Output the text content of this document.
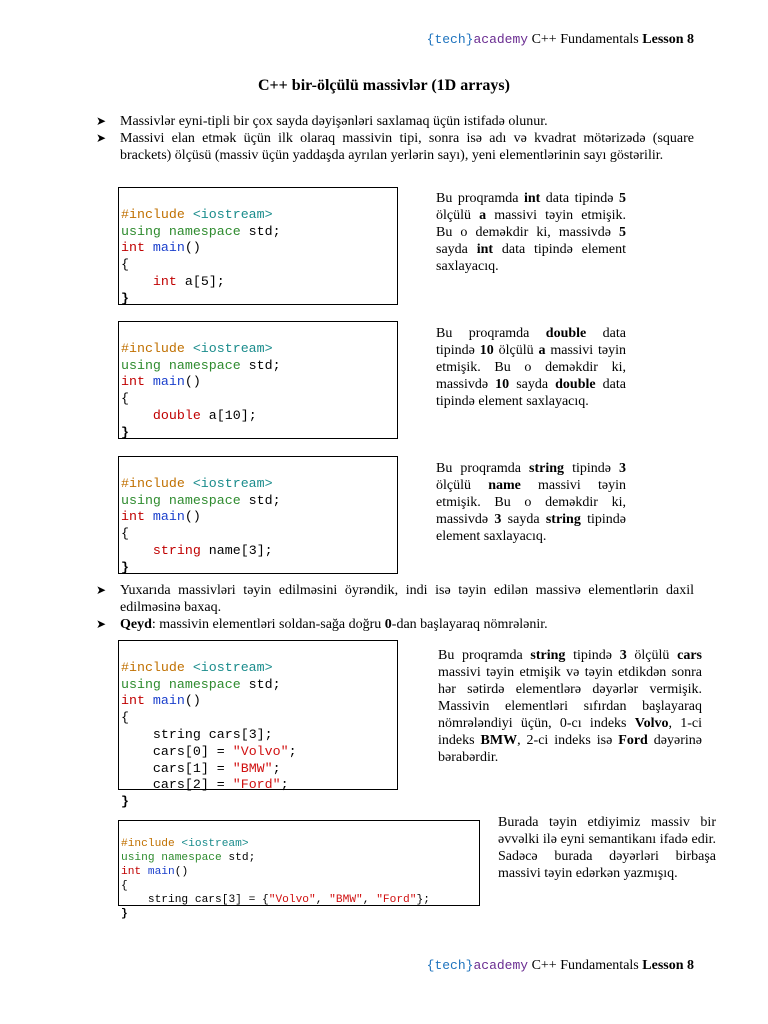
{tech}academy C++ Fundamentals Lesson 8
C++ bir-ölçülü massivlər (1D arrays)
➤ Massivlər eyni-tipli bir çox sayda dəyişənləri saxlamaq üçün istifadə olunur.
➤ Massivi elan etmək üçün ilk olaraq massivin tipi, sonra isə adı və kvadrat mötərizədə (square brackets) ölçüsü (massiv üçün yaddaşda ayrılan yerlərin sayı), yeni elementlərinin sayı göstərilir.

#include <iostream>
using namespace std;
int main()
{
int a[5];
}

Bu proqramda int data tipində 5 ölçülü a massivi təyin etmişik. Bu o deməkdir ki, massivdə 5 sayda int data tipində element saxlayacıq.

#include <iostream>
using namespace std;
int main()
{
double a[10];
}

Bu proqramda double data tipində 10 ölçülü a massivi təyin etmişik. Bu o deməkdir ki, massivdə 10 sayda double data tipində element saxlayacıq.

#include <iostream>
using namespace std;
int main()
{
string name[3];
}

Bu proqramda string tipində 3 ölçülü name massivi təyin etmişik. Bu o deməkdir ki, massivdə 3 sayda string tipində element saxlayacıq.
➤ Yuxarıda massivləri təyin edilməsini öyrəndik, indi isə təyin edilən massivə elementlərin daxil edilməsinə baxaq.
➤ Qeyd: massivin elementləri soldan-sağa doğru 0-dan başlayaraq nömrələnir.

#include <iostream>
using namespace std;
int main()
{
string cars[3];
cars[0] = "Volvo";
cars[1] = "BMW";
cars[2] = "Ford";
}

Bu proqramda string tipində 3 ölçülü cars massivi təyin etmişik və təyin etdikdən sonra hər sətirdə elementlərə dəyərlər vermişik. Massivin elementləri sıfırdan başlayaraq nömrələndiyi üçün, 0-cı indeks Volvo, 1-ci indeks BMW, 2-ci indeks isə Ford dəyərinə bərabərdir.

#include <iostream>
using namespace std;
int main()
{
string cars[3] = {"Volvo", "BMW", "Ford"};
}

Burada təyin etdiyimiz massiv bir əvvəlki ilə eyni semantikanı ifadə edir. Sadəcə burada dəyərləri birbaşa massivi təyin edərkən yazmışıq.
{tech}academy C++ Fundamentals Lesson 8
